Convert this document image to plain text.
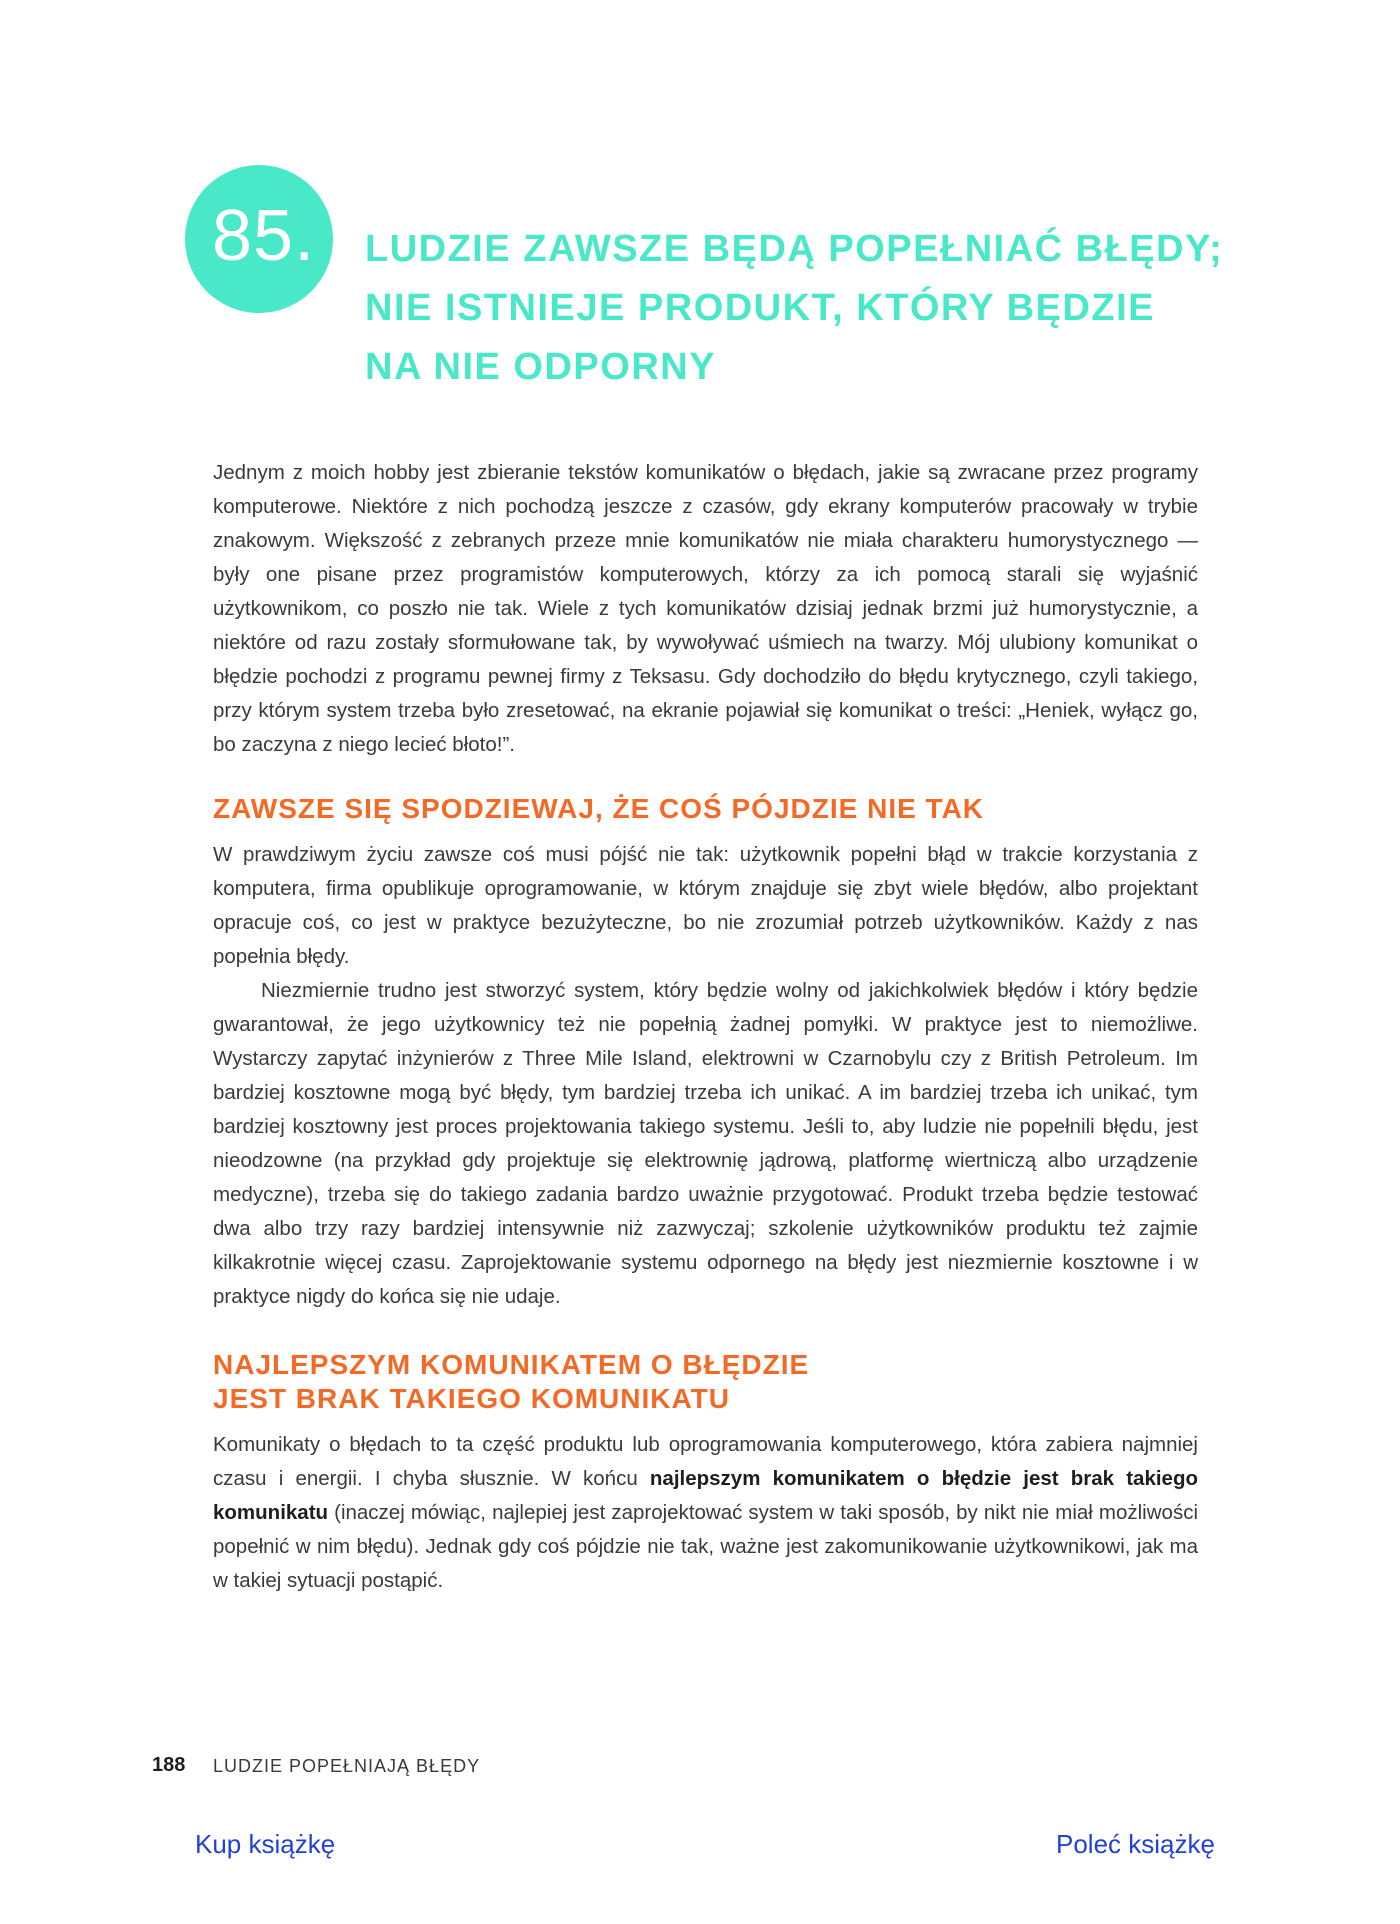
85. LUDZIE ZAWSZE BĘDĄ POPEŁNIAĆ BŁĘDY;
NIE ISTNIEJE PRODUKT, KTÓRY BĘDZIE
NA NIE ODPORNY

Jednym z moich hobby jest zbieranie tekstów komunikatów o błędach, jakie są zwracane przez programy komputerowe. Niektóre z nich pochodzą jeszcze z czasów, gdy ekrany komputerów pracowały w trybie znakowym. Większość z zebranych przeze mnie komunikatów nie miała charakteru humorystycznego — były one pisane przez programistów komputerowych, którzy za ich pomocą starali się wyjaśnić użytkownikom, co poszło nie tak. Wiele z tych komunikatów dzisiaj jednak brzmi już humorystycznie, a niektóre od razu zostały sformułowane tak, by wywoływać uśmiech na twarzy. Mój ulubiony komunikat o błędzie pochodzi z programu pewnej firmy z Teksasu. Gdy dochodziło do błędu krytycznego, czyli takiego, przy którym system trzeba było zresetować, na ekranie pojawiał się komunikat o treści: „Heniek, wyłącz go, bo zaczyna z niego lecieć błoto!”.

ZAWSZE SIĘ SPODZIEWAJ, ŻE COŚ PÓJDZIE NIE TAK

W prawdziwym życiu zawsze coś musi pójść nie tak: użytkownik popełni błąd w trakcie korzystania z komputera, firma opublikuje oprogramowanie, w którym znajduje się zbyt wiele błędów, albo projektant opracuje coś, co jest w praktyce bezużyteczne, bo nie zrozumiał potrzeb użytkowników. Każdy z nas popełnia błędy.

Niezmiernie trudno jest stworzyć system, który będzie wolny od jakichkolwiek błędów i który będzie gwarantował, że jego użytkownicy też nie popełnią żadnej pomyłki. W praktyce jest to niemożliwe. Wystarczy zapytać inżynierów z Three Mile Island, elektrowni w Czarnobylu czy z British Petroleum. Im bardziej kosztowne mogą być błędy, tym bardziej trzeba ich unikać. A im bardziej trzeba ich unikać, tym bardziej kosztowny jest proces projektowania takiego systemu. Jeśli to, aby ludzie nie popełnili błędu, jest nieodzowne (na przykład gdy projektuje się elektrownię jądrową, platformę wiertniczą albo urządzenie medyczne), trzeba się do takiego zadania bardzo uważnie przygotować. Produkt trzeba będzie testować dwa albo trzy razy bardziej intensywnie niż zazwyczaj; szkolenie użytkowników produktu też zajmie kilkakrotnie więcej czasu. Zaprojektowanie systemu odpornego na błędy jest niezmiernie kosztowne i w praktyce nigdy do końca się nie udaje.

NAJLEPSZYM KOMUNIKATEM O BŁĘDZIE
JEST BRAK TAKIEGO KOMUNIKATU

Komunikaty o błędach to ta część produktu lub oprogramowania komputerowego, która zabiera najmniej czasu i energii. I chyba słusznie. W końcu najlepszym komunikatem o błędzie jest brak takiego komunikatu (inaczej mówiąc, najlepiej jest zaprojektować system w taki sposób, by nikt nie miał możliwości popełnić w nim błędu). Jednak gdy coś pójdzie nie tak, ważne jest zakomunikowanie użytkownikowi, jak ma w takiej sytuacji postąpić.

188 LUDZIE POPEŁNIAJĄ BŁĘDY
Kup książkę	Poleć książkę
